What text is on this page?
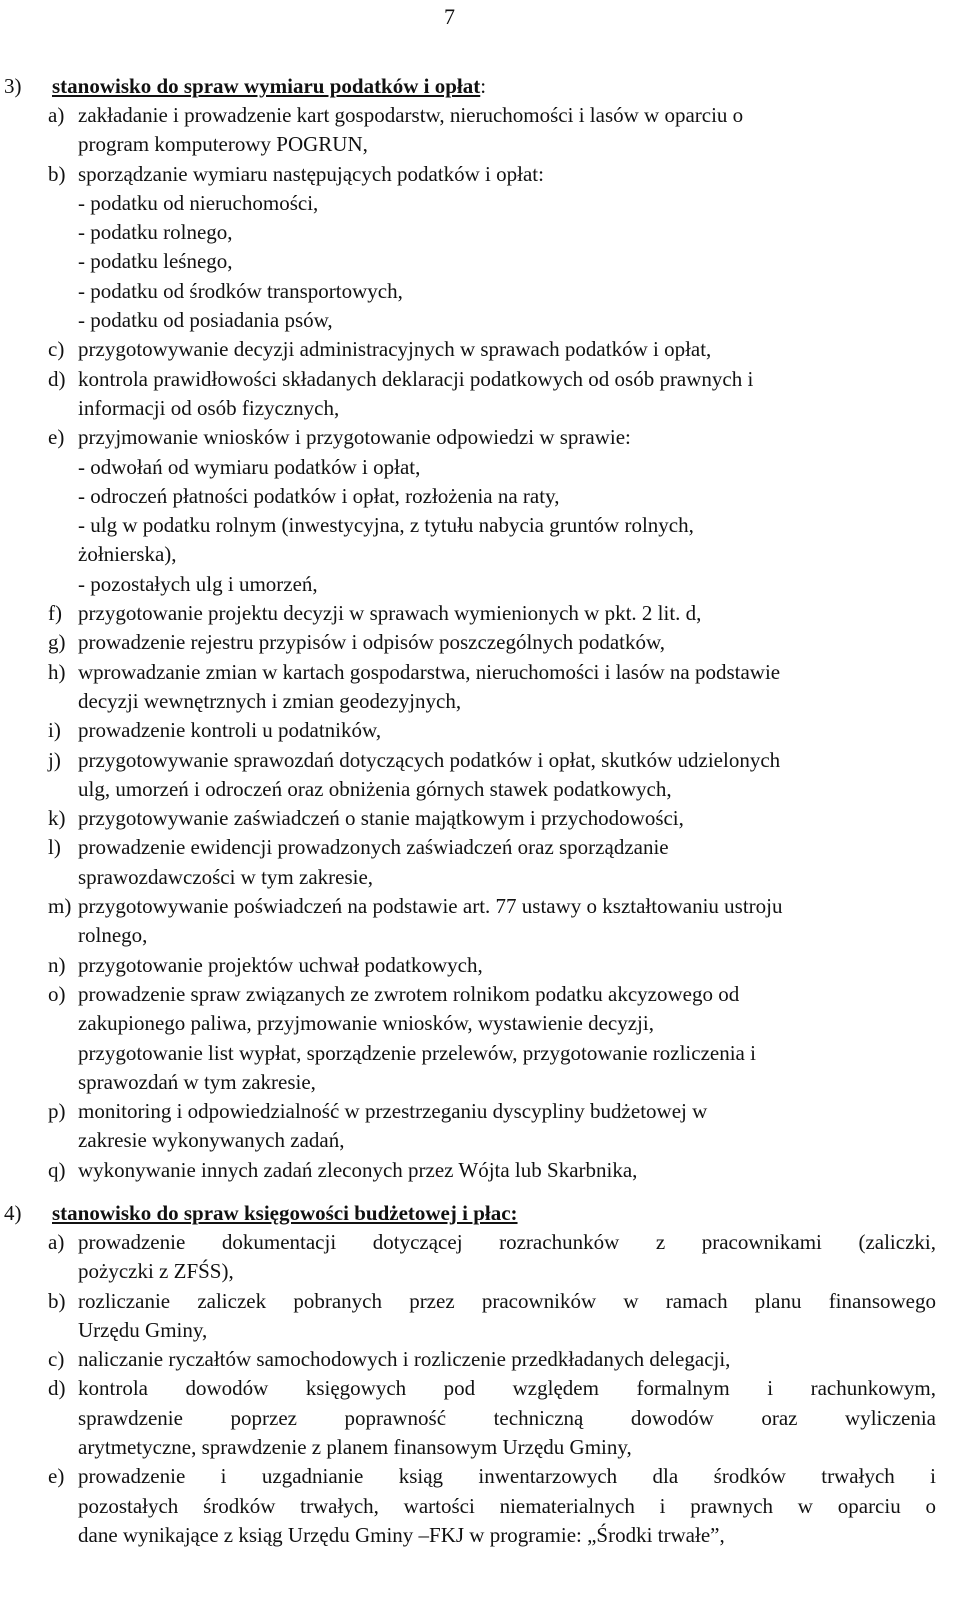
7
3) stanowisko do spraw wymiaru podatków i opłat:
a) zakładanie i prowadzenie kart gospodarstw, nieruchomości i lasów w oparciu o
program komputerowy POGRUN,
b) sporządzanie wymiaru następujących podatków i opłat:
- podatku od nieruchomości,
- podatku rolnego,
- podatku leśnego,
- podatku od środków transportowych,
- podatku od posiadania psów,
c) przygotowywanie decyzji administracyjnych w sprawach podatków i opłat,
d) kontrola prawidłowości składanych deklaracji podatkowych od osób prawnych i
informacji od osób fizycznych,
e) przyjmowanie wniosków i przygotowanie odpowiedzi w sprawie:
- odwołań od wymiaru podatków i opłat,
- odroczeń płatności podatków i opłat, rozłożenia na raty,
- ulg w podatku rolnym (inwestycyjna, z tytułu nabycia gruntów rolnych,
żołnierska),
- pozostałych ulg i umorzeń,
f) przygotowanie projektu decyzji w sprawach wymienionych w pkt. 2 lit. d,
g) prowadzenie rejestru przypisów i odpisów poszczególnych podatków,
h) wprowadzanie zmian w kartach gospodarstwa, nieruchomości i lasów na podstawie
decyzji wewnętrznych i zmian geodezyjnych,
i) prowadzenie kontroli u podatników,
j) przygotowywanie sprawozdań dotyczących podatków i opłat, skutków udzielonych
ulg, umorzeń i odroczeń oraz obniżenia górnych stawek podatkowych,
k) przygotowywanie zaświadczeń o stanie majątkowym i przychodowości,
l) prowadzenie ewidencji prowadzonych zaświadczeń oraz sporządzanie
sprawozdawczości w tym zakresie,
m) przygotowywanie poświadczeń na podstawie art. 77 ustawy o kształtowaniu ustroju
rolnego,
n) przygotowanie projektów uchwał podatkowych,
o) prowadzenie spraw związanych ze zwrotem rolnikom podatku akcyzowego od
zakupionego paliwa, przyjmowanie wniosków, wystawienie decyzji,
przygotowanie list wypłat, sporządzenie przelewów, przygotowanie rozliczenia i
sprawozdań w tym zakresie,
p) monitoring i odpowiedzialność w przestrzeganiu dyscypliny budżetowej w
zakresie wykonywanych zadań,
q) wykonywanie innych zadań zleconych przez Wójta lub Skarbnika,
4) stanowisko do spraw księgowości budżetowej i płac:
a) prowadzenie dokumentacji dotyczącej rozrachunków z pracownikami (zaliczki,
pożyczki z ZFŚS),
b) rozliczanie zaliczek pobranych przez pracowników w ramach planu finansowego
Urzędu Gminy,
c) naliczanie ryczałtów samochodowych i rozliczenie przedkładanych delegacji,
d) kontrola dowodów księgowych pod względem formalnym i rachunkowym,
sprawdzenie poprzez poprawność techniczną dowodów oraz wyliczenia
arytmetyczne, sprawdzenie z planem finansowym Urzędu Gminy,
e) prowadzenie i uzgadnianie ksiąg inwentarzowych dla środków trwałych i
pozostałych środków trwałych, wartości niematerialnych i prawnych w oparciu o
dane wynikające z ksiąg Urzędu Gminy –FKJ w programie: „Środki trwałe”,
